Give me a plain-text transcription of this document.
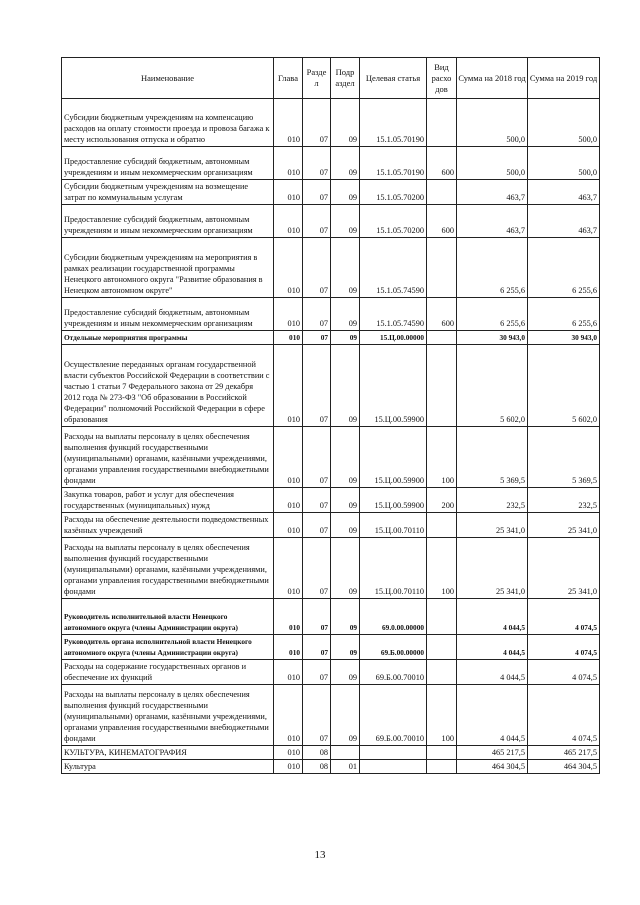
Наименование	Глава	Разде л	Подр аздел	Целевая статья	Вид расхо дов	Сумма на 2018 год	Сумма на 2019 год
Субсидии бюджетным учреждениям на компенсацию расходов на оплату стоимости проезда и провоза багажа к месту использования отпуска и обратно	010	07	09	15.1.05.70190		500,0	500,0
Предоставление субсидий бюджетным, автономным учреждениям и иным некоммерческим организациям	010	07	09	15.1.05.70190	600	500,0	500,0
Субсидии бюджетным учреждениям на возмещение затрат по коммунальным услугам	010	07	09	15.1.05.70200		463,7	463,7
Предоставление субсидий бюджетным, автономным учреждениям и иным некоммерческим организациям	010	07	09	15.1.05.70200	600	463,7	463,7
Субсидии бюджетным учреждениям на мероприятия в рамках реализации государственной программы Ненецкого автономного округа "Развитие образования в Ненецком автономном округе"	010	07	09	15.1.05.74590		6 255,6	6 255,6
Предоставление субсидий бюджетным, автономным учреждениям и иным некоммерческим организациям	010	07	09	15.1.05.74590	600	6 255,6	6 255,6
Отдельные мероприятия программы	010	07	09	15.Ц.00.00000		30 943,0	30 943,0
Осуществление переданных органам государственной власти субъектов Российской Федерации в соответствии с частью 1 статьи 7 Федерального закона от 29 декабря 2012 года № 273-ФЗ "Об образовании в Российской Федерации" полномочий Российской Федерации в сфере образования	010	07	09	15.Ц.00.59900		5 602,0	5 602,0
Расходы на выплаты персоналу в целях обеспечения выполнения функций государственными (муниципальными) органами, казёнными учреждениями, органами управления государственными внебюджетными фондами	010	07	09	15.Ц.00.59900	100	5 369,5	5 369,5
Закупка товаров, работ и услуг для обеспечения государственных (муниципальных) нужд	010	07	09	15.Ц.00.59900	200	232,5	232,5
Расходы на обеспечение деятельности подведомственных казённых учреждений	010	07	09	15.Ц.00.70110		25 341,0	25 341,0
Расходы на выплаты персоналу в целях обеспечения выполнения функций государственными (муниципальными) органами, казёнными учреждениями, органами управления государственными внебюджетными фондами	010	07	09	15.Ц.00.70110	100	25 341,0	25 341,0
Руководитель исполнительной власти Ненецкого автономного округа (члены Администрации округа)	010	07	09	69.0.00.00000		4 044,5	4 074,5
Руководитель органа исполнительной власти Ненецкого автономного округа (члены Администрации округа)	010	07	09	69.Б.00.00000		4 044,5	4 074,5
Расходы на содержание государственных органов и обеспечение их функций	010	07	09	69.Б.00.70010		4 044,5	4 074,5
Расходы на выплаты персоналу в целях обеспечения выполнения функций государственными (муниципальными) органами, казёнными учреждениями, органами управления государственными внебюджетными фондами	010	07	09	69.Б.00.70010	100	4 044,5	4 074,5
КУЛЬТУРА, КИНЕМАТОГРАФИЯ	010	08				465 217,5	465 217,5
Культура	010	08	01			464 304,5	464 304,5
13
